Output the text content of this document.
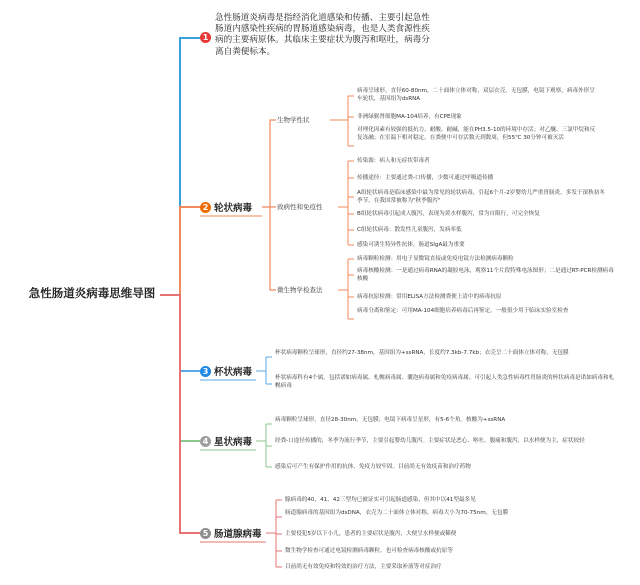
急性肠道炎病毒思维导图
1
急性肠道炎病毒是指经消化道感染和传播、主要引起急性肠道内感染性疾病的胃肠道感染病毒，也是人类食源性疾病的主要病原体。其临床主要症状为腹泻和呕吐，病毒分离自粪便标本。
2 轮状病毒
生物学性状
致病性和免疫性
微生物学检查法
病毒呈球形，直径60-80nm，二十面体立体对称，双层衣壳，无包膜，电镜下观察，病毒外形呈车轮状，基因组为dsRNA
非洲绿猴肾细胞MA-104培养，有CPE现象
对理化因素有较强的抵抗力，耐酸、耐碱，能在PH3.5-10的环境中存活；对乙醚、三氯甲烷和反复冻融；在室温下相对稳定，在粪便中可存活数天到数周，但55℃ 30分钟可被灭活
传染源：病人和无症状带毒者
传播途径：主要通过粪-口传播，少数可通过呼吸道传播
A组轮状病毒是临床感染中最为常见的轮状病毒，引起6个月-2岁婴幼儿严重胃肠炎，多发于深秋初冬季节，在我国常被称为"秋季腹泻"
B组轮状病毒引起成人腹泻，表现为黄水样腹泻，常为自限行，可完全恢复
C组轮状病毒：散发性儿童腹泻，发病率低
感染可诱生特异性抗体，肠道SIgA最为重要
病毒颗粒检测：用电子显微镜直接或免疫电镜方法检测病毒颗粒
病毒核酸检测：一是通过病毒RNA的凝胶电泳，观察11个片段特殊电泳图形；二是通过RT-PCR检测病毒核酸
病毒抗原检测：常用ELISA方法检测粪便上清中的病毒抗原
病毒分离和鉴定：可用MA-104细胞培养病毒后再鉴定，一般很少用于临床实验室检查
3 杯状病毒
杯状病毒颗粒呈球形，直径约27-38nm，基因组为+ssRNA，长度约7.3kb-7.7kb；衣壳呈二十面体立体对称，无包膜
杯状病毒科有4个属，包括诺如病毒属、札幌病毒属、囊泡病毒属和免疫病毒属。可引起人类急性病毒性胃肠炎的杯状病毒是诺如病毒和札幌病毒
4 星状病毒
病毒颗粒呈球形，直径28-30nm，无包膜；电镜下病毒呈星形，有5-6个角。核酸为+ssRNA
经粪-口途径传播的，冬季为流行季节，主要引起婴幼儿腹泻。主要症状是恶心、呕吐、腹痛和腹泻，以水样便为主，症状较轻
感染后可产生有保护作用的抗体，免疫力较牢固。目前尚无有效疫苗和治疗药物
5 肠道腺病毒
腺病毒的40、41、42三型均已被证实可引起肠道感染，但其中以41型最多见
肠道腺病毒的基因组为dsDNA，衣壳为二十面体立体对称，病毒大小为70-75nm，无包膜
主要侵犯5岁以下小儿，患者的主要症状是腹泻，大便呈水样便或稀便
微生物学检查可通过电镜检测病毒颗粒，也可检查病毒核酸或抗原等
目前尚无有效免疫和特效的治疗方法，主要采取补液等对症治疗
